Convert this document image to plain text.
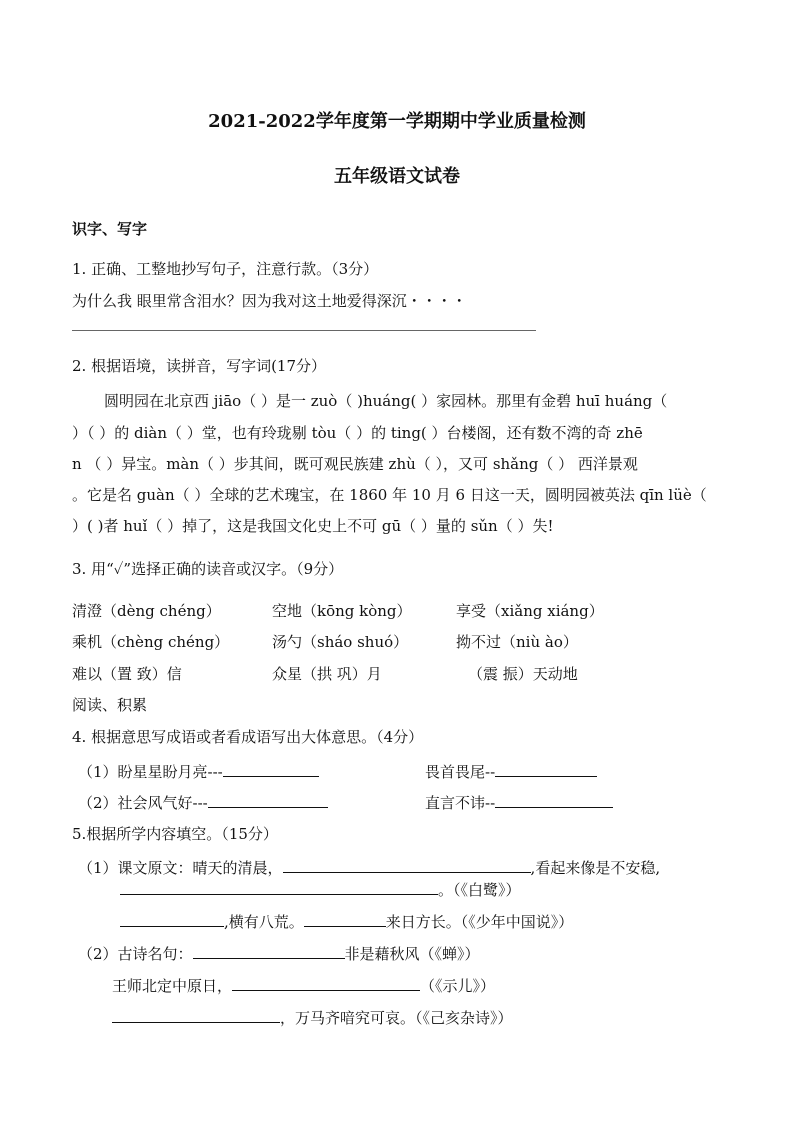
2021-2022学年度第一学期期中学业质量检测
五年级语文试卷
识字、写字
1. 正确、工整地抄写句子，注意行款。（3分）
为什么我 眼里常含泪水？因为我对这土地爱得深沉・・・・
2. 根据语境，读拼音，写字词(17分）
圆明园在北京西 jiāo（ ）是一 zuò（ )huáng( ）家园林。那里有金碧 huī huáng（
）（ ）的 diàn（ ）堂，也有玲珑剔 tòu（ ）的 ting( ）台楼阁，还有数不湾的奇 zhē
n （ ）异宝。màn（ ）步其间，既可观民族建 zhù（ ），又可 shǎng（ ） 西洋景观
。它是名 guàn（ ）全球的艺术瑰宝，在 1860 年 10 月 6 日这一天，圆明园被英法 qīn lüè（
）( )者 huǐ（ ）掉了，这是我国文化史上不可 gū（ ）量的 sǔn（ ）失!
3. 用“✓”选择正确的读音或汉字。（9分）
清澄（dèng chéng）	空地（kōng kòng）	享受（xiǎng xiáng）
乘机（chèng chéng）	汤勺（sháo shuó）	拗不过（niù ào）
难以（置 致）信	众星（拱 巩）月	（震 振）天动地
阅读、积累
4. 根据意思写成语或者看成语写出大体意思。（4分）
（1）盼星星盼月亮---	畏首畏尾--
（2）社会风气好---	直言不讳--
5.根据所学内容填空。（15分）
（1）课文原文：晴天的清晨，	,看起来像是不安稳,
。（《白鹭》）
,横有八荒。	来日方长。（《少年中国说》）
（2）古诗名句：	非是藉秋风（《蝉》）
王师北定中原日，	（《示儿》）
，万马齐喑究可哀。（《己亥杂诗》）
